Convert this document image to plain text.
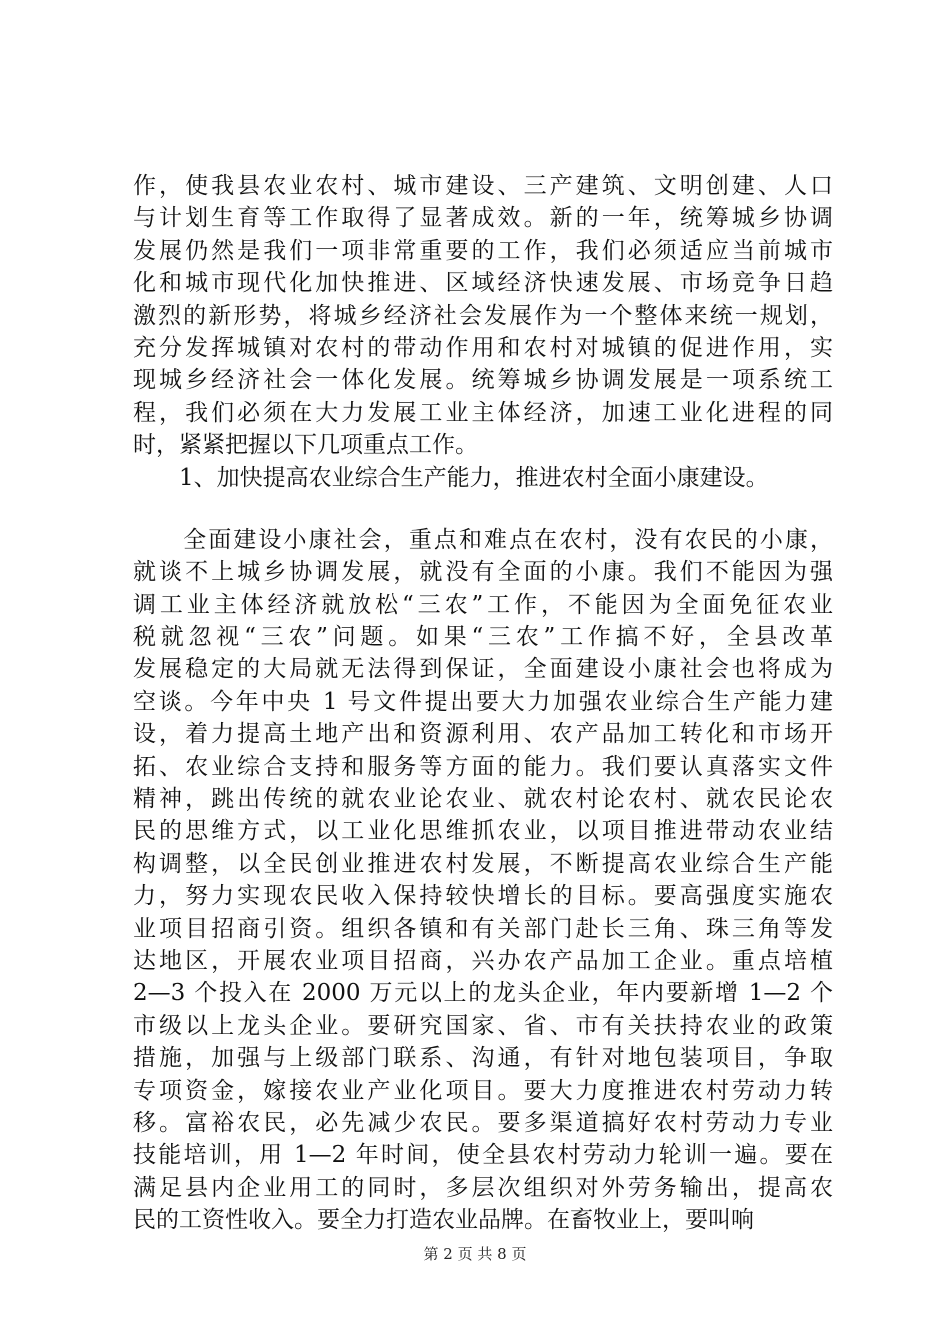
作，使我县农业农村、城市建设、三产建筑、文明创建、人口
与计划生育等工作取得了显著成效。新的一年，统筹城乡协调
发展仍然是我们一项非常重要的工作，我们必须适应当前城市
化和城市现代化加快推进、区域经济快速发展、市场竞争日趋
激烈的新形势，将城乡经济社会发展作为一个整体来统一规划，
充分发挥城镇对农村的带动作用和农村对城镇的促进作用，实
现城乡经济社会一体化发展。统筹城乡协调发展是一项系统工
程，我们必须在大力发展工业主体经济，加速工业化进程的同
时，紧紧把握以下几项重点工作。
1、加快提高农业综合生产能力，推进农村全面小康建设。
　　全面建设小康社会，重点和难点在农村，没有农民的小康，
就谈不上城乡协调发展，就没有全面的小康。我们不能因为强
调工业主体经济就放松“三农”工作，不能因为全面免征农业
税就忽视“三农”问题。如果“三农”工作搞不好，全县改革
发展稳定的大局就无法得到保证，全面建设小康社会也将成为
空谈。今年中央 1 号文件提出要大力加强农业综合生产能力建
设，着力提高土地产出和资源利用、农产品加工转化和市场开
拓、农业综合支持和服务等方面的能力。我们要认真落实文件
精神，跳出传统的就农业论农业、就农村论农村、就农民论农
民的思维方式，以工业化思维抓农业，以项目推进带动农业结
构调整，以全民创业推进农村发展，不断提高农业综合生产能
力，努力实现农民收入保持较快增长的目标。要高强度实施农
业项目招商引资。组织各镇和有关部门赴长三角、珠三角等发
达地区，开展农业项目招商，兴办农产品加工企业。重点培植
2—3 个投入在 2000 万元以上的龙头企业，年内要新增 1—2 个
市级以上龙头企业。要研究国家、省、市有关扶持农业的政策
措施，加强与上级部门联系、沟通，有针对地包装项目，争取
专项资金，嫁接农业产业化项目。要大力度推进农村劳动力转
移。富裕农民，必先减少农民。要多渠道搞好农村劳动力专业
技能培训，用 1—2 年时间，使全县农村劳动力轮训一遍。要在
满足县内企业用工的同时，多层次组织对外劳务输出，提高农
民的工资性收入。要全力打造农业品牌。在畜牧业上，要叫响
第 2 页 共 8 页
